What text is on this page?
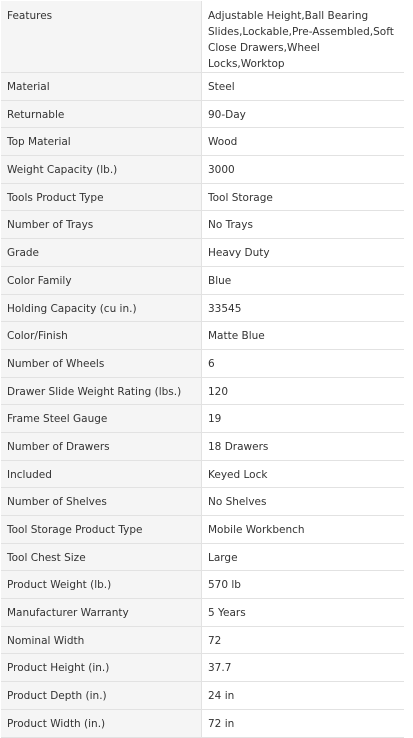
Features	Adjustable Height,Ball Bearing Slides,Lockable,Pre-Assembled,Soft Close Drawers,Wheel Locks,Worktop
Material	Steel
Returnable	90-Day
Top Material	Wood
Weight Capacity (lb.)	3000
Tools Product Type	Tool Storage
Number of Trays	No Trays
Grade	Heavy Duty
Color Family	Blue
Holding Capacity (cu in.)	33545
Color/Finish	Matte Blue
Number of Wheels	6
Drawer Slide Weight Rating (lbs.)	120
Frame Steel Gauge	19
Number of Drawers	18 Drawers
Included	Keyed Lock
Number of Shelves	No Shelves
Tool Storage Product Type	Mobile Workbench
Tool Chest Size	Large
Product Weight (lb.)	570 lb
Manufacturer Warranty	5 Years
Nominal Width	72
Product Height (in.)	37.7
Product Depth (in.)	24 in
Product Width (in.)	72 in
